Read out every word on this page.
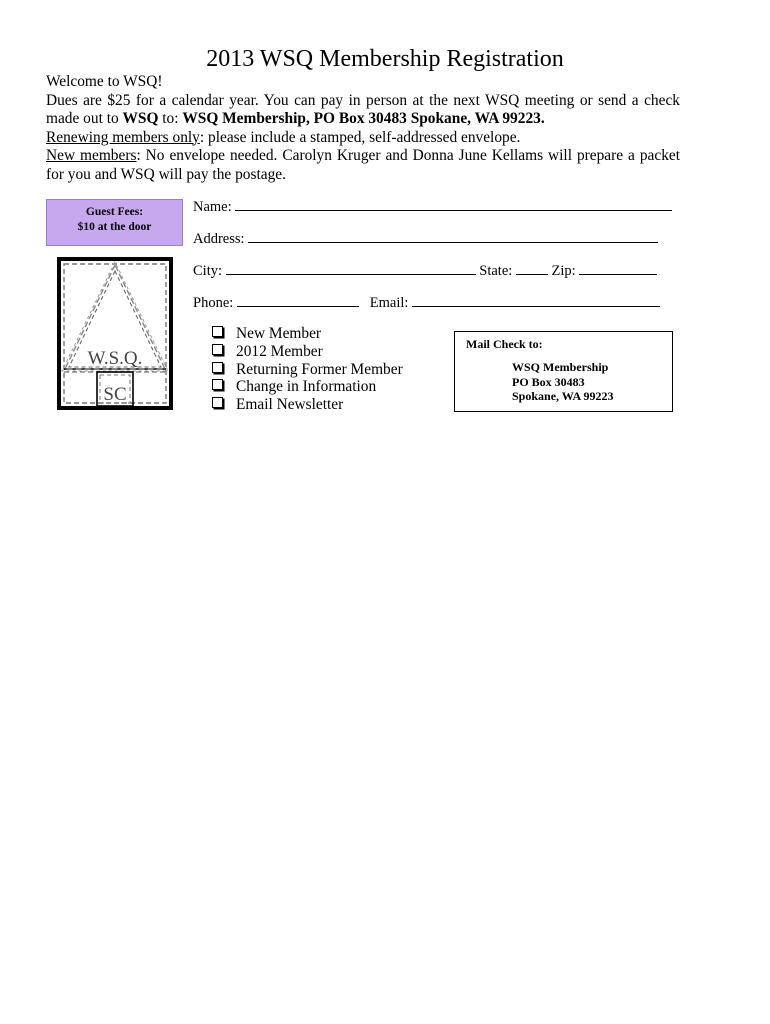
2013 WSQ Membership Registration

Welcome to WSQ!

Dues are $25 for a calendar year. You can pay in person at the next WSQ meeting or send a check made out to WSQ to: WSQ Membership, PO Box 30483 Spokane, WA 99223.

Renewing members only: please include a stamped, self-addressed envelope.

New members: No envelope needed. Carolyn Kruger and Donna June Kellams will prepare a packet for you and WSQ will pay the postage.

Guest Fees:
$10 at the door
W.S.Q.
SC
Name:
Address:
City:	State:	Zip:
Phone:	Email:
New Member
2012 Member
Returning Former Member
Change in Information
Email Newsletter
Mail Check to:
WSQ Membership
PO Box 30483
Spokane, WA 99223
